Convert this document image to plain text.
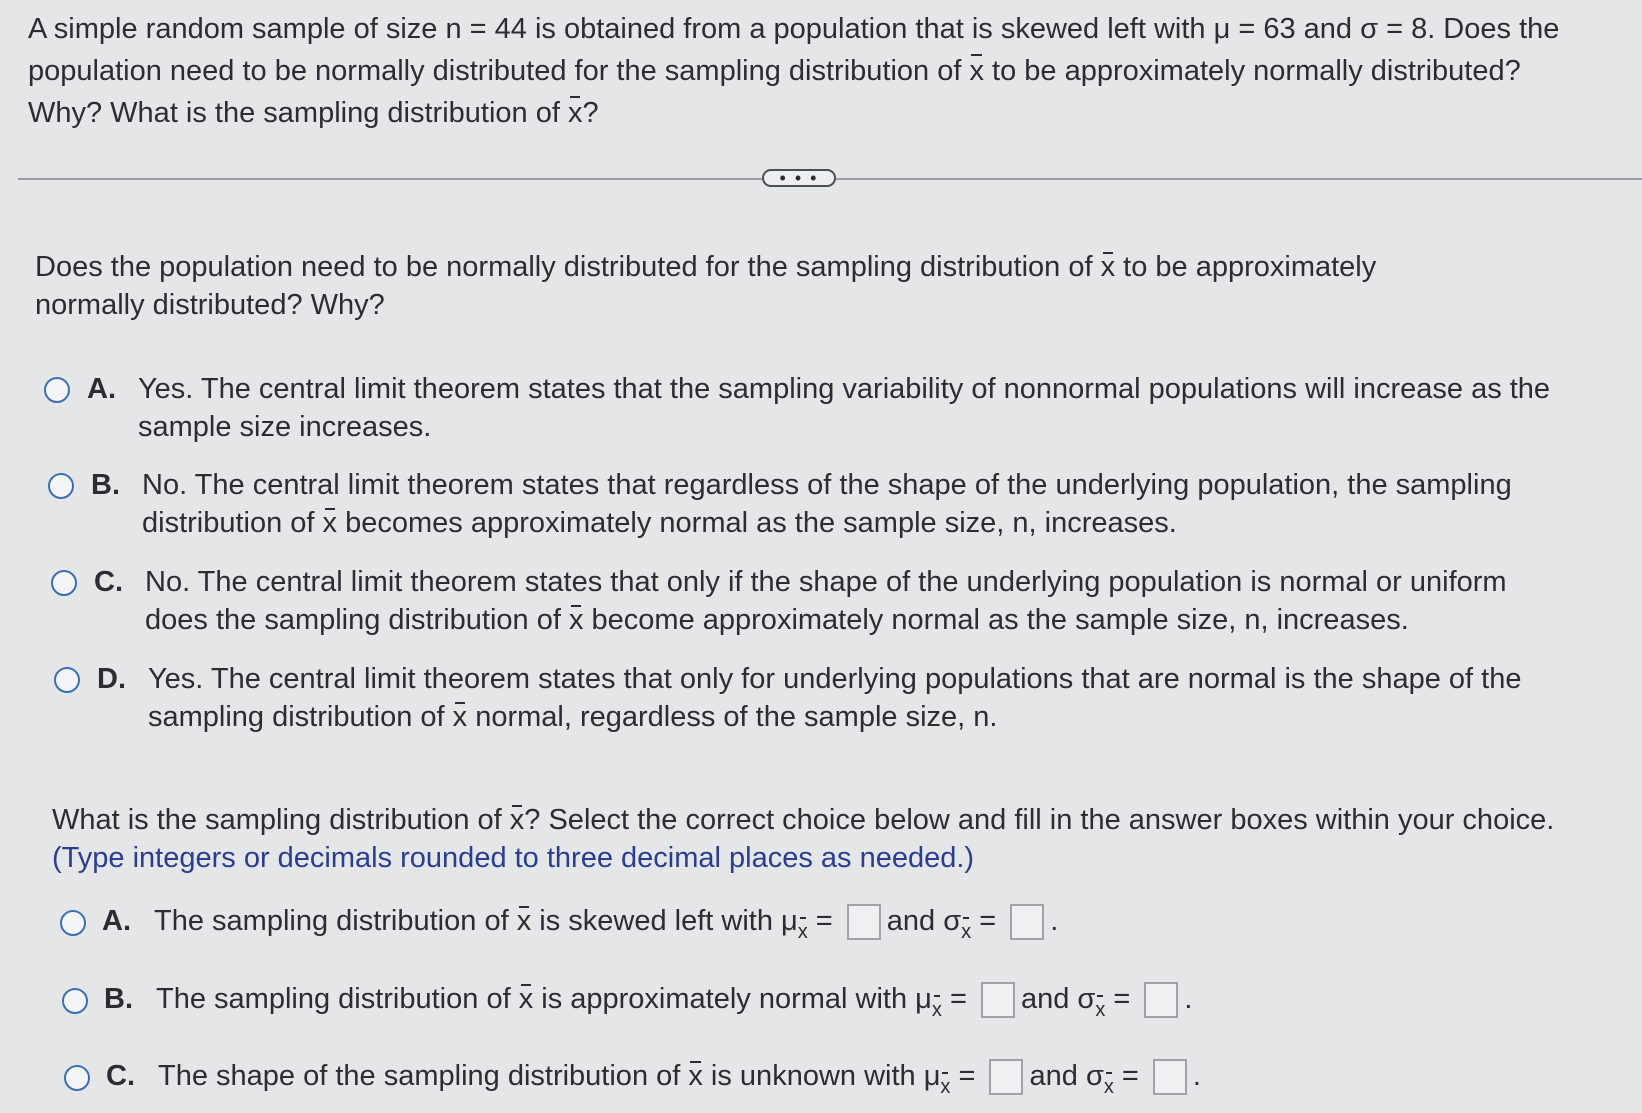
A simple random sample of size n = 44 is obtained from a population that is skewed left with μ = 63 and σ = 8. Does the
population need to be normally distributed for the sampling distribution of x to be approximately normally distributed?
Why? What is the sampling distribution of x?
• • •
Does the population need to be normally distributed for the sampling distribution of x to be approximately
normally distributed? Why?
A. Yes. The central limit theorem states that the sampling variability of nonnormal populations will increase as the
sample size increases.
B. No. The central limit theorem states that regardless of the shape of the underlying population, the sampling
distribution of x becomes approximately normal as the sample size, n, increases.
C. No. The central limit theorem states that only if the shape of the underlying population is normal or uniform
does the sampling distribution of x become approximately normal as the sample size, n, increases.
D. Yes. The central limit theorem states that only for underlying populations that are normal is the shape of the
sampling distribution of x normal, regardless of the sample size, n.
What is the sampling distribution of x? Select the correct choice below and fill in the answer boxes within your choice.
(Type integers or decimals rounded to three decimal places as needed.)
A. The sampling distribution of x is skewed left with μx = and σx = .
B. The sampling distribution of x is approximately normal with μx = and σx = .
C. The shape of the sampling distribution of x is unknown with μx = and σx = .
